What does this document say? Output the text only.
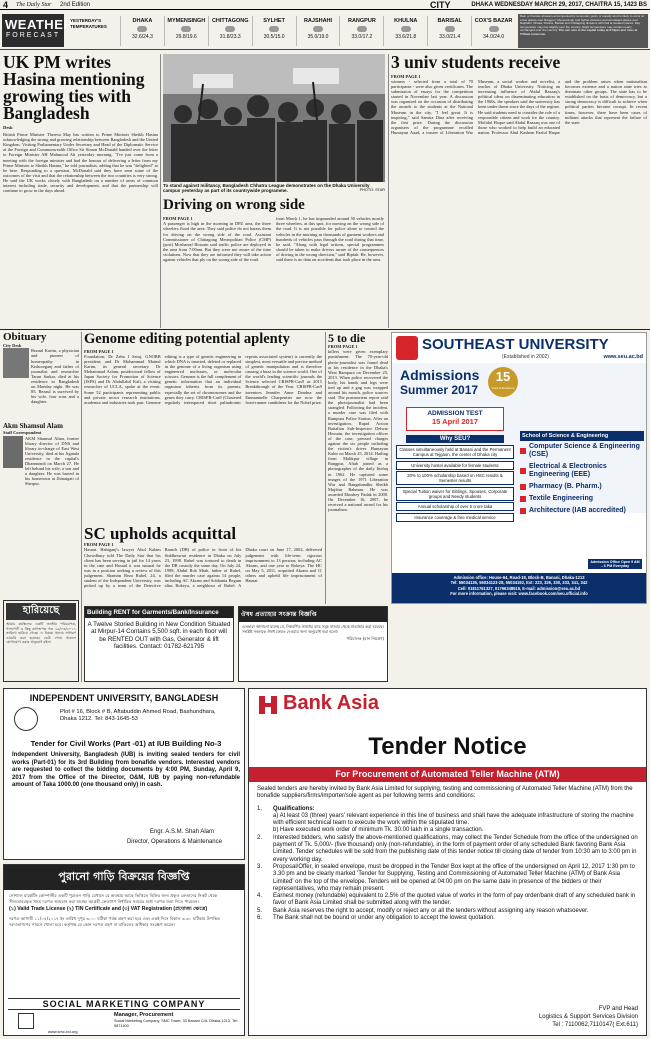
4 The Daily Star 2nd Edition	CITY	DHAKA WEDNESDAY MARCH 29, 2017, CHAITRA 15, 1423 BS
WEATHER
FORECAST
YESTERDAY'S TEMPERATURES
DHAKA
32.6/24.3
MYMENSINGH
29.8/19.6
CHITTAGONG
31.8/23.3
SYLHET
30.5/15.0
RAJSHAHI
35.0/19.0
RANGPUR
33.0/17.2
KHULNA
33.6/21.8
BARISAL
33.0/21.4
COX'S BAZAR
34.0/24.0
Rain or thunder-showers accompanied by temporary gusty or squally wind is likely to occur at a few places over Rangpur, Mymensingh and Sylhet divisions and at isolated places over Rajshahi, Dhaka, Khulna, Barisal and Chittagong divisions with hail at isolated places. Day temperature may rise slightly over the country. Night temperature may remain nearly unchanged over the country. The sun sets in the capital today at 6:13pm and rises at 5:50am tomorrow.
UK PM writes Hasina mentioning growing ties with Bangladesh
Desk
British Prime Minister Theresa May has written to Prime Minister Sheikh Hasina acknowledging the strong and growing relationship between Bangladesh and the United Kingdom. Visiting Parliamentary Under Secretary and Head of the Diplomatic Service at the Foreign and Commonwealth Office Sir Simon McDonald handed over the letter to Foreign Minister AH Mahmood Ali yesterday morning. "I've just come from a meeting with the foreign minister and had the honour of delivering a letter from my Prime Minister to Sheikh Hasina," he told journalists, adding that he was "delighted" to be here. Responding to a question, McDonald said they have seen some of the outcomes of the visit and that the relationship between the two countries is very strong. He said the UK works closely with Bangladesh on a number of areas of common interest including trade, security and development, and that the partnership will continue to grow in the days ahead.
To stand against militancy, Bangladesh Chhatra League demonstrates on the Dhaka University campus yesterday as part of its countrywide programme.	PHOTO: STAR
Driving on wrong side
FROM PAGE 1
A passenger is high in the morning in DPZ area, the three wheelers flood the area. They said police do not harass them for driving on the wrong side of the road. Assistant Commissioner of Chittagong Metropolitan Police (CMP) (port) Mosharraf Hossain said traffic police are deployed in the area from 7:00am. But they were not aware of the time violations. Now that they are informed they will take action against vehicles that ply on the wrong side of the road.
from March 1, he has impounded around 50 vehicles mostly three wheelers, at this spot, for moving on the wrong side of the road. It is not possible for police alone to control the vehicles in the morning as thousands of garment workers and hundreds of vehicles pass through the road during that time, he said. "Along with legal actions, special programmes should be taken to make drivers aware of the consequences of driving in the wrong direction," said Biplab. He, however, said there is no data on accidents that took place in the area.
3 univ students receive
FROM PAGE 1
winners - selected from a total of 70 participants - were also given certificates. The submission of essays for the competition started in November last year. A discussion was organised on the occasion of distributing the awards to the students at the National Museum in the city. "I feel great. It is inspiring," said Samira Dina after receiving the first prize. During the discussion organisers of the programme recalled Humayun Azad, a trustee of Liberation War Museum, a social worker and novelist, a teacher of Dhaka University. Noticing an increasing influence of Abdul Razzaq's political ideas on disseminating education in the 1960s, the speakers said the university has been under threat since the days of the regime. He said students need to consider the role of a responsible citizen and work for the country. Mofidul Hoque said Abdul Razzaq was one of those who worked to help build an educated nation. Professor Abul Kashem Fazlul Haque and the problem arises when nationalism becomes extreme and a nation state tries to dominate other groups. The state has to be established on the basis of democracy, but a strong democracy is difficult to achieve when political parties become corrupt. In recent times, however, there have been cases of militant attacks that represent the failure of the state.
Obituary
City Desk
Rezaul Karim, a physician and pioneer of homeopathy in Kishoreganj and father of journalist and researcher Tarun Sarkar, died at his residence in Bangladesh on Monday night. He was 85. Rezaul is survived by his wife, four sons and a daughter.
Akm Shamsul Alam
Staff Correspondent
AKM Shamsul Alam, former library director of DNS and library in-charge of East West University, died at his Jigatala residence in the capital's Dhanmondi on March 27. He left behind his wife, a son and a daughter. He was buried in his hometown at Jhinaigati of Sherpur.
হারিয়েছে
আমার কর্মস্থলের একটি জাতীয় পরিচয়পত্র, পাসপোর্ট ও কিছু কাগজপত্র গত ২৬/০৩/২০১৭ তারিখে হারিয়ে গেছে। এ বিষয়ে থানায় সাধারণ ডায়েরি করা হয়েছে। কেউ পেয়ে থাকলে যোগাযোগ করার অনুরোধ রইল।
Genome editing potential aplenty
FROM PAGE 1
Foundation; Dr Zeba I Seraj, GNOBB president; and Dr Mohammad Mainul Karim, its general secretary. Dr Mohammad Aslam, postdoctoral fellow of Japan Society for Promotion of Science (JSPS) and Dr Abdullahil Kafi, a visiting researcher of UCLA, spoke at the event. Some 52 participants representing public and private sector research institutions, academia and industries took part. Genome editing is a type of genetic engineering in which DNA is inserted, deleted or replaced in the genome of a living organism using engineered nucleases, or molecular scissors. Genome is the full complement of genetic information that an individual organism inherits from its parents, especially the set of chromosomes and the genes they carry. CRISPR-Cas9 (Clustered regularly interspaced short palindromic repeats associated system) is currently the simplest, most versatile and precise method of genetic manipulation and is therefore causing a buzz in the science world. One of the world's leading scientific journals the Science selected CRISPR-Cas9 as 2015 Breakthrough of the Year. CRISPR-Cas9 inventors Jennifer Anne Doudna and Emmanuelle Charpentier are now the front-runner candidates for the Nobel prize.
SC upholds acquittal
FROM PAGE 1
Hasnat. Habiganj's lawyer Abul Kalam Chowdhury told The Daily Star that his client has been serving in jail for 14 years in the case and Hosaid it was natural he was in a position seeking a review of this judgement. Shamim Reza Rubel, 24, a student of the Independent University, was picked up by a team of the Detective Branch (DB) of police in front of his Siddheswari residence in Dhaka on July 23, 1998. Rubel was tortured to death in the DB custody the same day. On July 24, 1998, Abdul Rob Miah, father of Rubel, filed the murder case against 14 people, including AC Akram and Sobhania Begum alias Rokeya, a neighbour of Rubel. A Dhaka court on June 17, 2002, delivered judgement with life-term rigorous imprisonment to 13 persons, including AC Akram, and one year to Rokeya. The HC on May 5, 2011, acquitted Akram and 11 others and upheld life imprisonment of Hasnat.
5 to die
FROM PAGE 1
killers were given exemplary punishment. The 70-year-old photo-journalist was found dead at his residence in the Dhaka's West Rampura on December 25, 2013. When police recovered the body, his hands and legs were tied up and a gag was wrapped around his mouth, police sources said. The postmortem report said the photojournalist had been strangled. Following the incident, a murder case was filed with Rampura Police Station. After an investigation, Rapid Action Battalion Sub-Inspector Delwar Hossain, the investigation officer of the case, pressed charges against the six people including the victim's driver Humayun Kabir on March 25, 2014. Hailing from Malikpur village in Rangpur, Aftab joined as a photographer of the daily Ittefaq in 1962. He captured some images of the 1971 Liberation War and Bangabandhu Sheikh Mujibur Rahman. He was awarded Ekushey Padak in 2008. On December 16, 2007, he received a national award for his journalism.
SOUTHEAST UNIVERSITY
(Established in 2002)	www.seu.ac.bd
Admissions
Summer 2017
15
Years of Excellence
ADMISSION TEST
15 April 2017
Why SEU?
Classes simultaneously held at Banani and the Permanent Campus at Tejgaon, the center of Dhaka city
University hostel available for female students
20% to 100% scholarship based on HSC results & Semester results
Special Tuition waiver for Siblings, Spouses, Corporate groups and Needy students
Annual scholarship of over 5 crore taka
Insurance coverage & free medical service
School of Science & Engineering
Computer Science & Engineering (CSE)
Electrical & Electronics Engineering (EEE)
Pharmacy (B. Pharm.)
Textile Engineering
Architecture (IAB accredited)
Admission Office Open 9 AM – 6 PM Everyday
Admission office: House-64, Road-18, Block-B, Banani, Dhaka-1213
Tel: 55034135, 55034123-28, 55034192, Ext: 223, 326, 330, 333, 341, 342
Cell: 01811761327, 01766348515, E-mail: admission@seu.ac.bd
For more information, please visit: www.facebook.com/seu.official.info
Building RENT for Garments/Bank/Insurance
A Twelve Storied Building in New Condition Situated at Mirpur-14 Contains 5,500 sqft. in each floor will be RENTED OUT with Gas, Generator & lift facilities. Contact: 01782-621795
ঔষধ প্রত্যাহার সংক্রান্ত বিজ্ঞপ্তি
এতদ্বারা জানানো যাচ্ছে যে, নিম্নবর্ণিত ঔষধের ব্যাচ সমূহ বাজার থেকে প্রত্যাহার করা হয়েছে। সংশ্লিষ্ট সকলকে ঔষধ ফেরত দেওয়ার জন্য অনুরোধ করা হলো।
পরিচালক (মান নিয়ন্ত্রণ)
INDEPENDENT UNIVERSITY, BANGLADESH
Plot # 16, Block # B, Aftabuddin Ahmed Road, Bashundhara, Dhaka 1212. Tel: 843-1645-53
Tender for Civil Works (Part -01) at IUB Building No-3
Independent University, Bangladesh (IUB) is inviting sealed tenders for civil works (Part-01) for its 3rd Building from bonafide vendors. Interested vendors are requested to collect the bidding documents by 4:00 PM, Sunday, April 9, 2017 from the Office of the Director, O&M, IUB by paying non-refundable amount of Taka 1000.00 (one thousand only) in cash.
Engr. A.S.M. Shah Alam
Director, Operations & Maintenance
পুরানো গাড়ি বিক্রয়ের বিজ্ঞপ্তি
সোশ্যাল মার্কেটিং কোম্পানীর একটি পুরাতন গাড়ি যেখানে যে অবস্থায় আছে ভিত্তিতে বিক্রির জন্য প্রকৃত ক্রেতাদের নিকট থেকে সীলমোহরকৃত খামে দরপত্র আহবান করা যাচ্ছে। আগ্রহী ক্রেতাগণ নির্ধারিত সময়ের মধ্যে দরপত্র জমা দিতে পারবেন।
(১) Valid Trade License (২) TIN Certificate and (৩) VAT Registration (প্রযোজ্য ক্ষেত্রে)
দরপত্র আগামী ১১/০৪/২০১৭ ইং তারিখ দুপুর ৩.০০ ঘটিকা পর্যন্ত গ্রহণ করা হবে এবং একই দিনে বিকাল ৩.৩০ ঘটিকায় উপস্থিত দরদাতাগণের সামনে খোলা হবে। কর্তৃপক্ষ যে কোন দরপত্র গ্রহণ বা বাতিলের অধিকার সংরক্ষণ করেন।
SOCIAL MARKETING COMPANY
Manager, Procurement
Social Marketing Company, SMC Tower, 33 Banani C/A, Dhaka-1213. Tel: 9871400
www.smc-bd.org
Bank Asia
Tender Notice
For Procurement of Automated Teller Machine (ATM)
Sealed tenders are hereby invited by Bank Asia Limited for supplying, testing and commissioning of Automated Teller Machine (ATM) from the bonafide suppliers/firms/importer/sole agent as per following terms and conditions:
1.	Qualifications:
a) At least 03 (three) years' relevant experience in this line of business and shall have the adequate infrastructure of storing the machine with efficient technical team to execute the work within the stipulated time.
b) Have executed work order of minimum Tk. 30.00 lakh in a single transaction.
2.	Interested bidders, who satisfy the above-mentioned qualifications, may collect the Tender Schedule from the office of the undersigned on payment of Tk. 5,000/- (five thousand) only (non-refundable), in the form of payment order of any scheduled Bank favoring Bank Asia Limited. Tender schedules will be sold from the publishing date of this tender notice till closing date of tender from 10:30 am to 3:00 pm in every working day.
3.	Proposal/Offer, in sealed envelope, must be dropped in the Tender Box kept at the office of the undersigned on April 12, 2017 1:30 pm to 3.30 pm and be clearly marked 'Tender for Supplying, Testing and Commissioning of Automated Teller Machine (ATM) of Bank Asia Limited' on the top of the envelope. Tenders will be opened at 04:00 pm on the same date in presence of the bidders or their representatives, who may remain present.
4.	Earnest money (refundable) equivalent to 2.5% of the quoted value of works in the form of pay order/bank draft of any scheduled bank in favor of Bank Asia Limited shall be submitted along with the tender.
5.	Bank Asia reserves the right to accept, modify or reject any or all the tenders without assigning any reason whatsoever.
6.	The Bank shall not be bound or under any obligation to accept the lowest quotation.
FVP and Head
Logistics & Support Services Division
Tel : 7110062,7110147( Ext.611)
